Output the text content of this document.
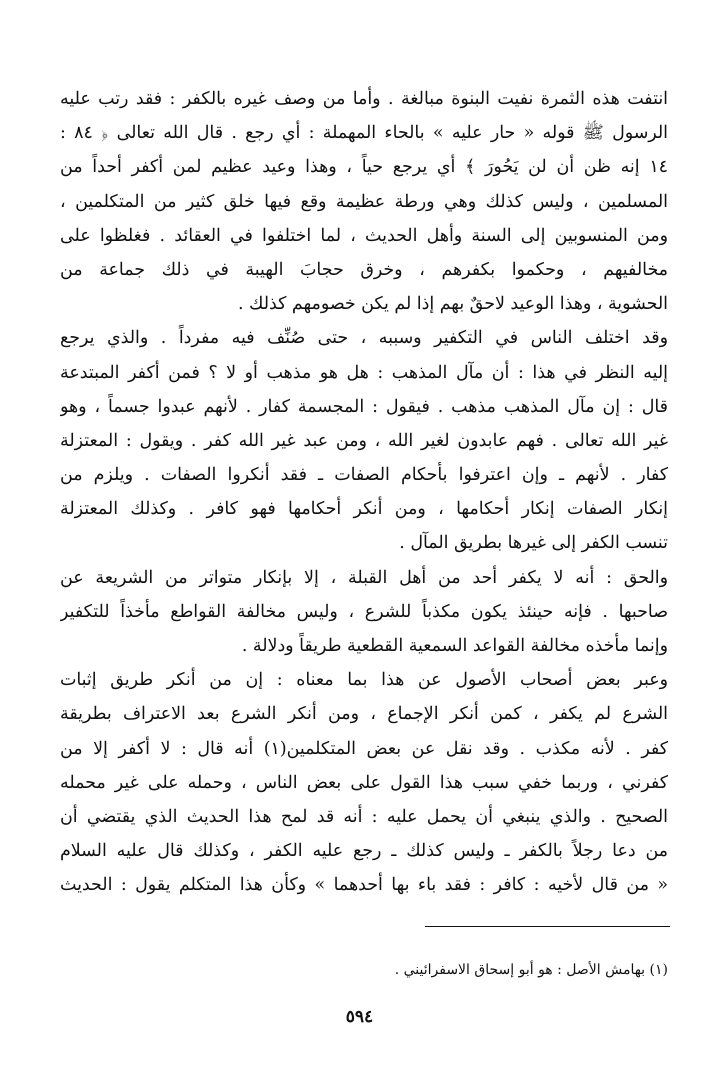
انتفت هذه الثمرة نفيت البنوة مبالغة . وأما من وصف غيره بالكفر : فقد رتب عليه
الرسول ﷺ قوله « حار عليه » بالحاء المهملة : أي رجع . قال الله تعالى ﴿ ٨٤ :
١٤ إنه ظن أن لن يَحُورَ ﴾ أي يرجع حياً ، وهذا وعيد عظيم لمن أكفر أحداً من
المسلمين ، وليس كذلك وهي ورطة عظيمة وقع فيها خلق كثير من المتكلمين ،
ومن المنسوبين إلى السنة وأهل الحديث ، لما اختلفوا في العقائد . فغلظوا على
مخالفيهم ، وحكموا بكفرهم ، وخرق حجابَ الهيبة في ذلك جماعة من
الحشوية ، وهذا الوعيد لاحقٌ بهم إذا لم يكن خصومهم كذلك .
وقد اختلف الناس في التكفير وسببه ، حتى صُنِّف فيه مفرداً . والذي يرجع
إليه النظر في هذا : أن مآل المذهب : هل هو مذهب أو لا ؟ فمن أكفر المبتدعة
قال : إن مآل المذهب مذهب . فيقول : المجسمة كفار . لأنهم عبدوا جسماً ، وهو
غير الله تعالى . فهم عابدون لغير الله ، ومن عبد غير الله كفر . ويقول : المعتزلة
كفار . لأنهم ـ وإن اعترفوا بأحكام الصفات ـ فقد أنكروا الصفات . ويلزم من
إنكار الصفات إنكار أحكامها ، ومن أنكر أحكامها فهو كافر . وكذلك المعتزلة
تنسب الكفر إلى غيرها بطريق المآل .
والحق : أنه لا يكفر أحد من أهل القبلة ، إلا بإنكار متواتر من الشريعة عن
صاحبها . فإنه حينئذ يكون مكذباً للشرع ، وليس مخالفة القواطع مأخذاً للتكفير
وإنما مأخذه مخالفة القواعد السمعية القطعية طريقاً ودلالة .
وعبر بعض أصحاب الأصول عن هذا بما معناه : إن من أنكر طريق إثبات
الشرع لم يكفر ، كمن أنكر الإجماع ، ومن أنكر الشرع بعد الاعتراف بطريقة
كفر . لأنه مكذب . وقد نقل عن بعض المتكلمين(١) أنه قال : لا أكفر إلا من
كفرني ، وربما خفي سبب هذا القول على بعض الناس ، وحمله على غير محمله
الصحيح . والذي ينبغي أن يحمل عليه : أنه قد لمح هذا الحديث الذي يقتضي أن
من دعا رجلاً بالكفر ـ وليس كذلك ـ رجع عليه الكفر ، وكذلك قال عليه السلام
« من قال لأخيه : كافر : فقد باء بها أحدهما » وكأن هذا المتكلم يقول : الحديث
(١) بهامش الأصل : هو أبو إسحاق الاسفرائيني .
٥٩٤
